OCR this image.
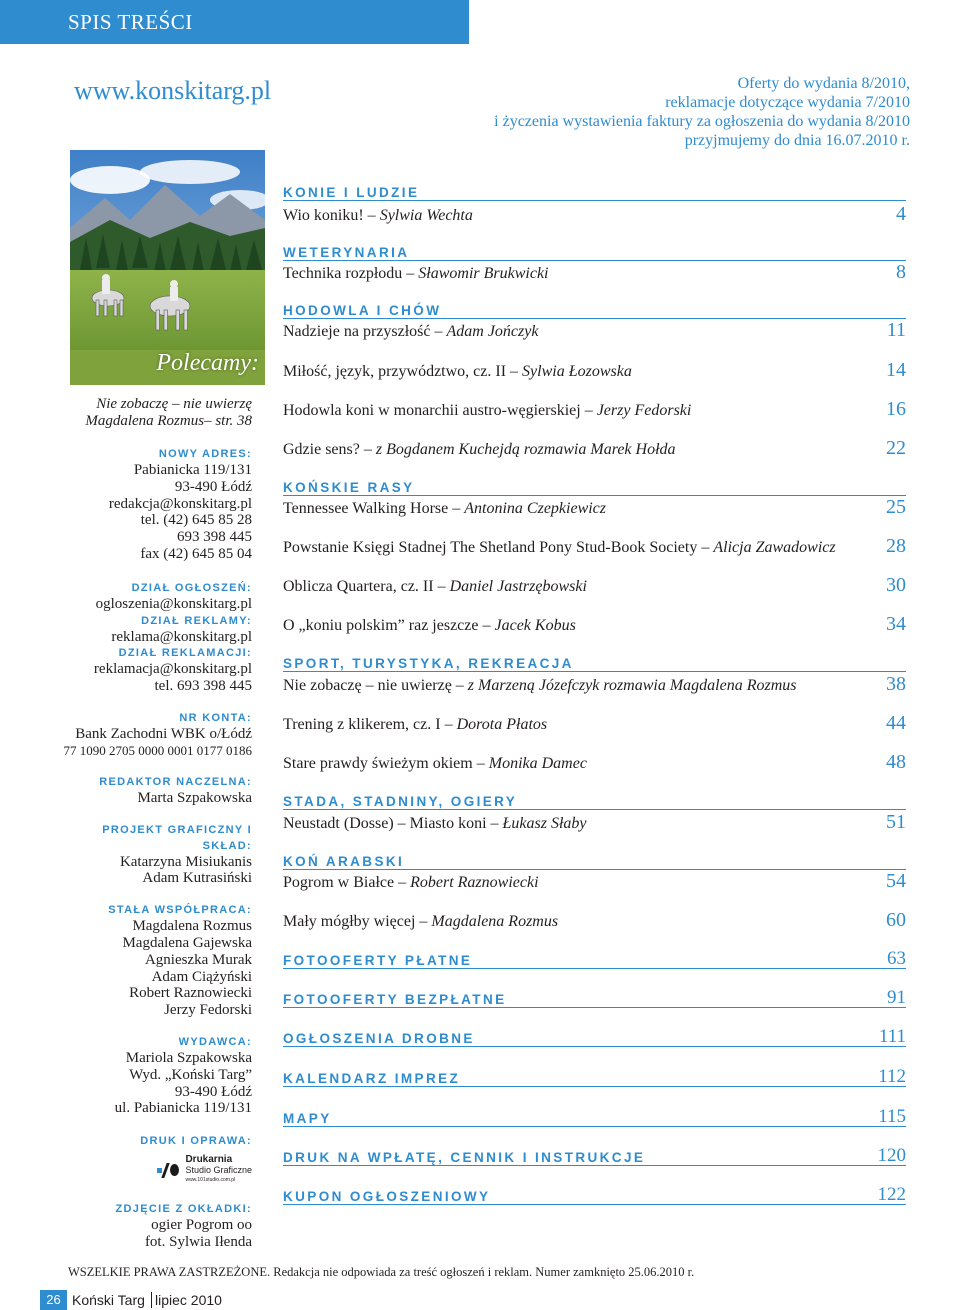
SPIS TREŚCI
www.konskitarg.pl	Oferty do wydania 8/2010,
reklamacje dotyczące wydania 7/2010
i życzenia wystawienia faktury za ogłoszenia do wydania 8/2010
przyjmujemy do dnia 16.07.2010 r.
Polecamy:
Nie zobaczę – nie uwierzę
Magdalena Rozmus– str. 38
NOWY ADRES:
Pabianicka 119/131
93-490 Łódź
redakcja@konskitarg.pl
tel. (42) 645 85 28
693 398 445
fax (42) 645 85 04
DZIAŁ OGŁOSZEŃ:
ogloszenia@konskitarg.pl
DZIAŁ REKLAMY:
reklama@konskitarg.pl
DZIAŁ REKLAMACJI:
reklamacja@konskitarg.pl
tel. 693 398 445
NR KONTA:
Bank Zachodni WBK o/Łódź
77 1090 2705 0000 0001 0177 0186
REDAKTOR NACZELNA:
Marta Szpakowska
PROJEKT GRAFICZNY I SKŁAD:
Katarzyna Misiukanis
Adam Kutrasiński
STAŁA WSPÓŁPRACA:
Magdalena Rozmus
Magdalena Gajewska
Agnieszka Murak
Adam Ciążyński
Robert Raznowiecki
Jerzy Fedorski
WYDAWCA:
Mariola Szpakowska
Wyd. „Koński Targ”
93-490 Łódź
ul. Pabianicka 119/131
DRUK I OPRAWA:
Drukarnia
Studio Graficzne
www.101studio.com.pl
ZDJĘCIE Z OKŁADKI:
ogier Pogrom oo
fot. Sylwia Iłenda
KONIE I LUDZIE
Wio koniku! – Sylwia Wechta	4
WETERYNARIA
Technika rozpłodu – Sławomir Brukwicki	8
HODOWLA I CHÓW
Nadzieje na przyszłość – Adam Jończyk	11
Miłość, język, przywództwo, cz. II – Sylwia Łozowska	14
Hodowla koni w monarchii austro-węgierskiej – Jerzy Fedorski	16
Gdzie sens? – z Bogdanem Kuchejdą rozmawia Marek Hołda	22
KOŃSKIE RASY
Tennessee Walking Horse – Antonina Czepkiewicz	25
Powstanie Księgi Stadnej The Shetland Pony Stud-Book Society – Alicja Zawadowicz	28
Oblicza Quartera, cz. II – Daniel Jastrzębowski	30
O „koniu polskim” raz jeszcze – Jacek Kobus	34
SPORT, TURYSTYKA, REKREACJA
Nie zobaczę – nie uwierzę – z Marzeną Józefczyk rozmawia Magdalena Rozmus	38
Trening z klikerem, cz. I – Dorota Płatos	44
Stare prawdy świeżym okiem – Monika Damec	48
STADA, STADNINY, OGIERY
Neustadt (Dosse) – Miasto koni – Łukasz Słaby	51
KOŃ ARABSKI
Pogrom w Białce – Robert Raznowiecki	54
Mały mógłby więcej – Magdalena Rozmus	60
FOTOOFERTY PŁATNE	63
FOTOOFERTY BEZPŁATNE	91
OGŁOSZENIA DROBNE	111
KALENDARZ IMPREZ	112
MAPY	115
DRUK NA WPŁATĘ, CENNIK I INSTRUKCJE	120
KUPON OGŁOSZENIOWY	122
WSZELKIE PRAWA ZASTRZEŻONE. Redakcja nie odpowiada za treść ogłoszeń i reklam. Numer zamknięto 25.06.2010 r.
26 Koński Targ lipiec 2010
